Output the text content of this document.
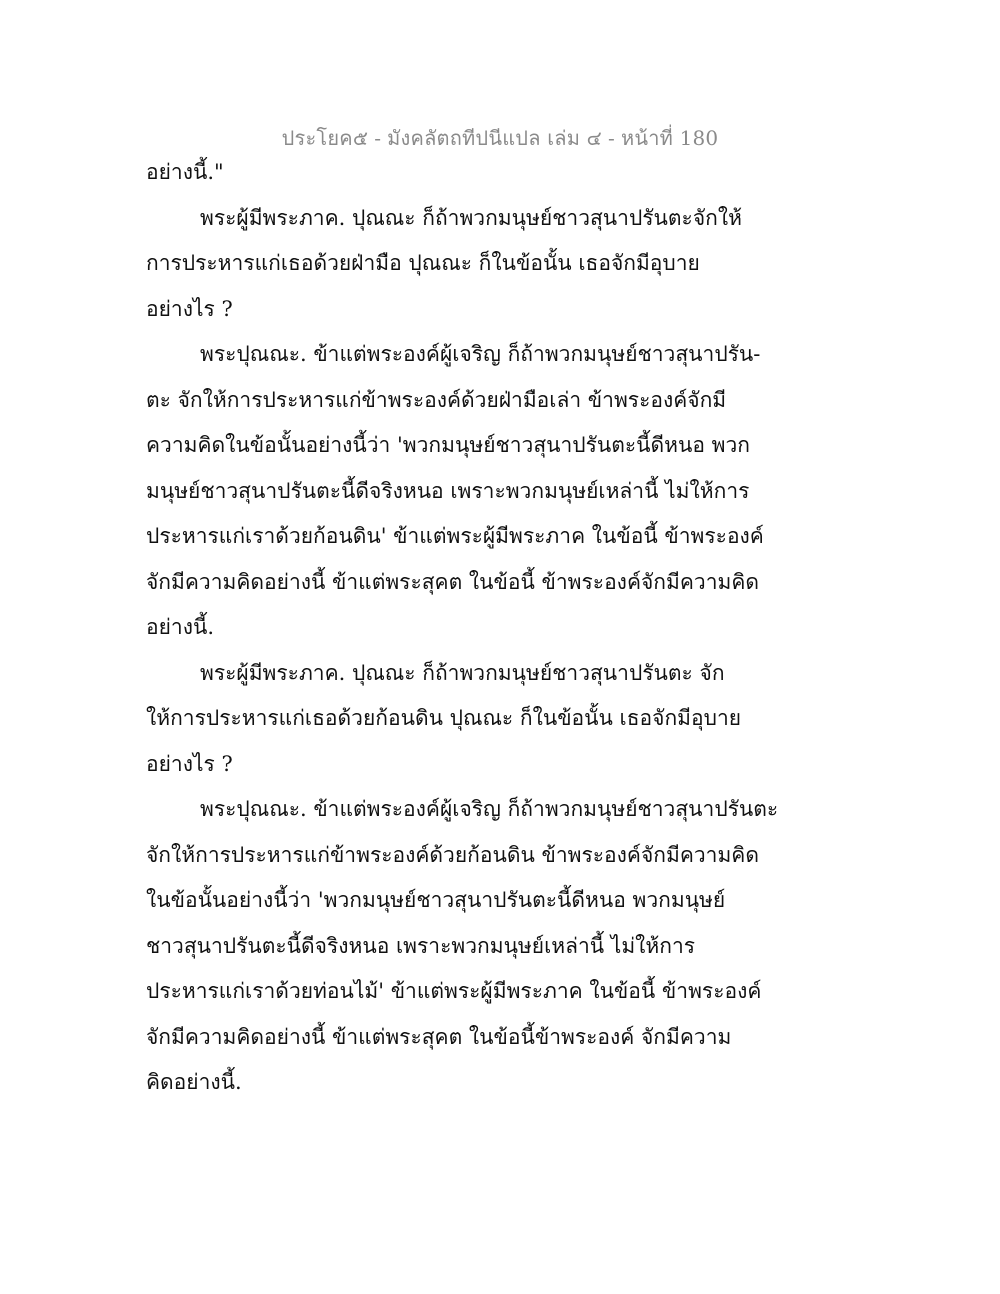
ประโยค๕ - มังคลัตถทีปนีแปล เล่ม ๔ - หน้าที่ 180
อย่างนี้."
พระผู้มีพระภาค. ปุณณะ ก็ถ้าพวกมนุษย์ชาวสุนาปรันตะจักให้
การประหารแก่เธอด้วยฝ่ามือ ปุณณะ ก็ในข้อนั้น เธอจักมีอุบาย
อย่างไร ?
พระปุณณะ. ข้าแต่พระองค์ผู้เจริญ ก็ถ้าพวกมนุษย์ชาวสุนาปรัน-
ตะ จักให้การประหารแก่ข้าพระองค์ด้วยฝ่ามือเล่า ข้าพระองค์จักมี
ความคิดในข้อนั้นอย่างนี้ว่า 'พวกมนุษย์ชาวสุนาปรันตะนี้ดีหนอ พวก
มนุษย์ชาวสุนาปรันตะนี้ดีจริงหนอ เพราะพวกมนุษย์เหล่านี้ ไม่ให้การ
ประหารแก่เราด้วยก้อนดิน' ข้าแต่พระผู้มีพระภาค ในข้อนี้ ข้าพระองค์
จักมีความคิดอย่างนี้ ข้าแต่พระสุคต ในข้อนี้ ข้าพระองค์จักมีความคิด
อย่างนี้.
พระผู้มีพระภาค. ปุณณะ ก็ถ้าพวกมนุษย์ชาวสุนาปรันตะ จัก
ให้การประหารแก่เธอด้วยก้อนดิน ปุณณะ ก็ในข้อนั้น เธอจักมีอุบาย
อย่างไร ?
พระปุณณะ. ข้าแต่พระองค์ผู้เจริญ ก็ถ้าพวกมนุษย์ชาวสุนาปรันตะ
จักให้การประหารแก่ข้าพระองค์ด้วยก้อนดิน ข้าพระองค์จักมีความคิด
ในข้อนั้นอย่างนี้ว่า 'พวกมนุษย์ชาวสุนาปรันตะนี้ดีหนอ พวกมนุษย์
ชาวสุนาปรันตะนี้ดีจริงหนอ เพราะพวกมนุษย์เหล่านี้ ไม่ให้การ
ประหารแก่เราด้วยท่อนไม้' ข้าแต่พระผู้มีพระภาค ในข้อนี้ ข้าพระองค์
จักมีความคิดอย่างนี้ ข้าแต่พระสุคต ในข้อนี้ข้าพระองค์ จักมีความ
คิดอย่างนี้.
